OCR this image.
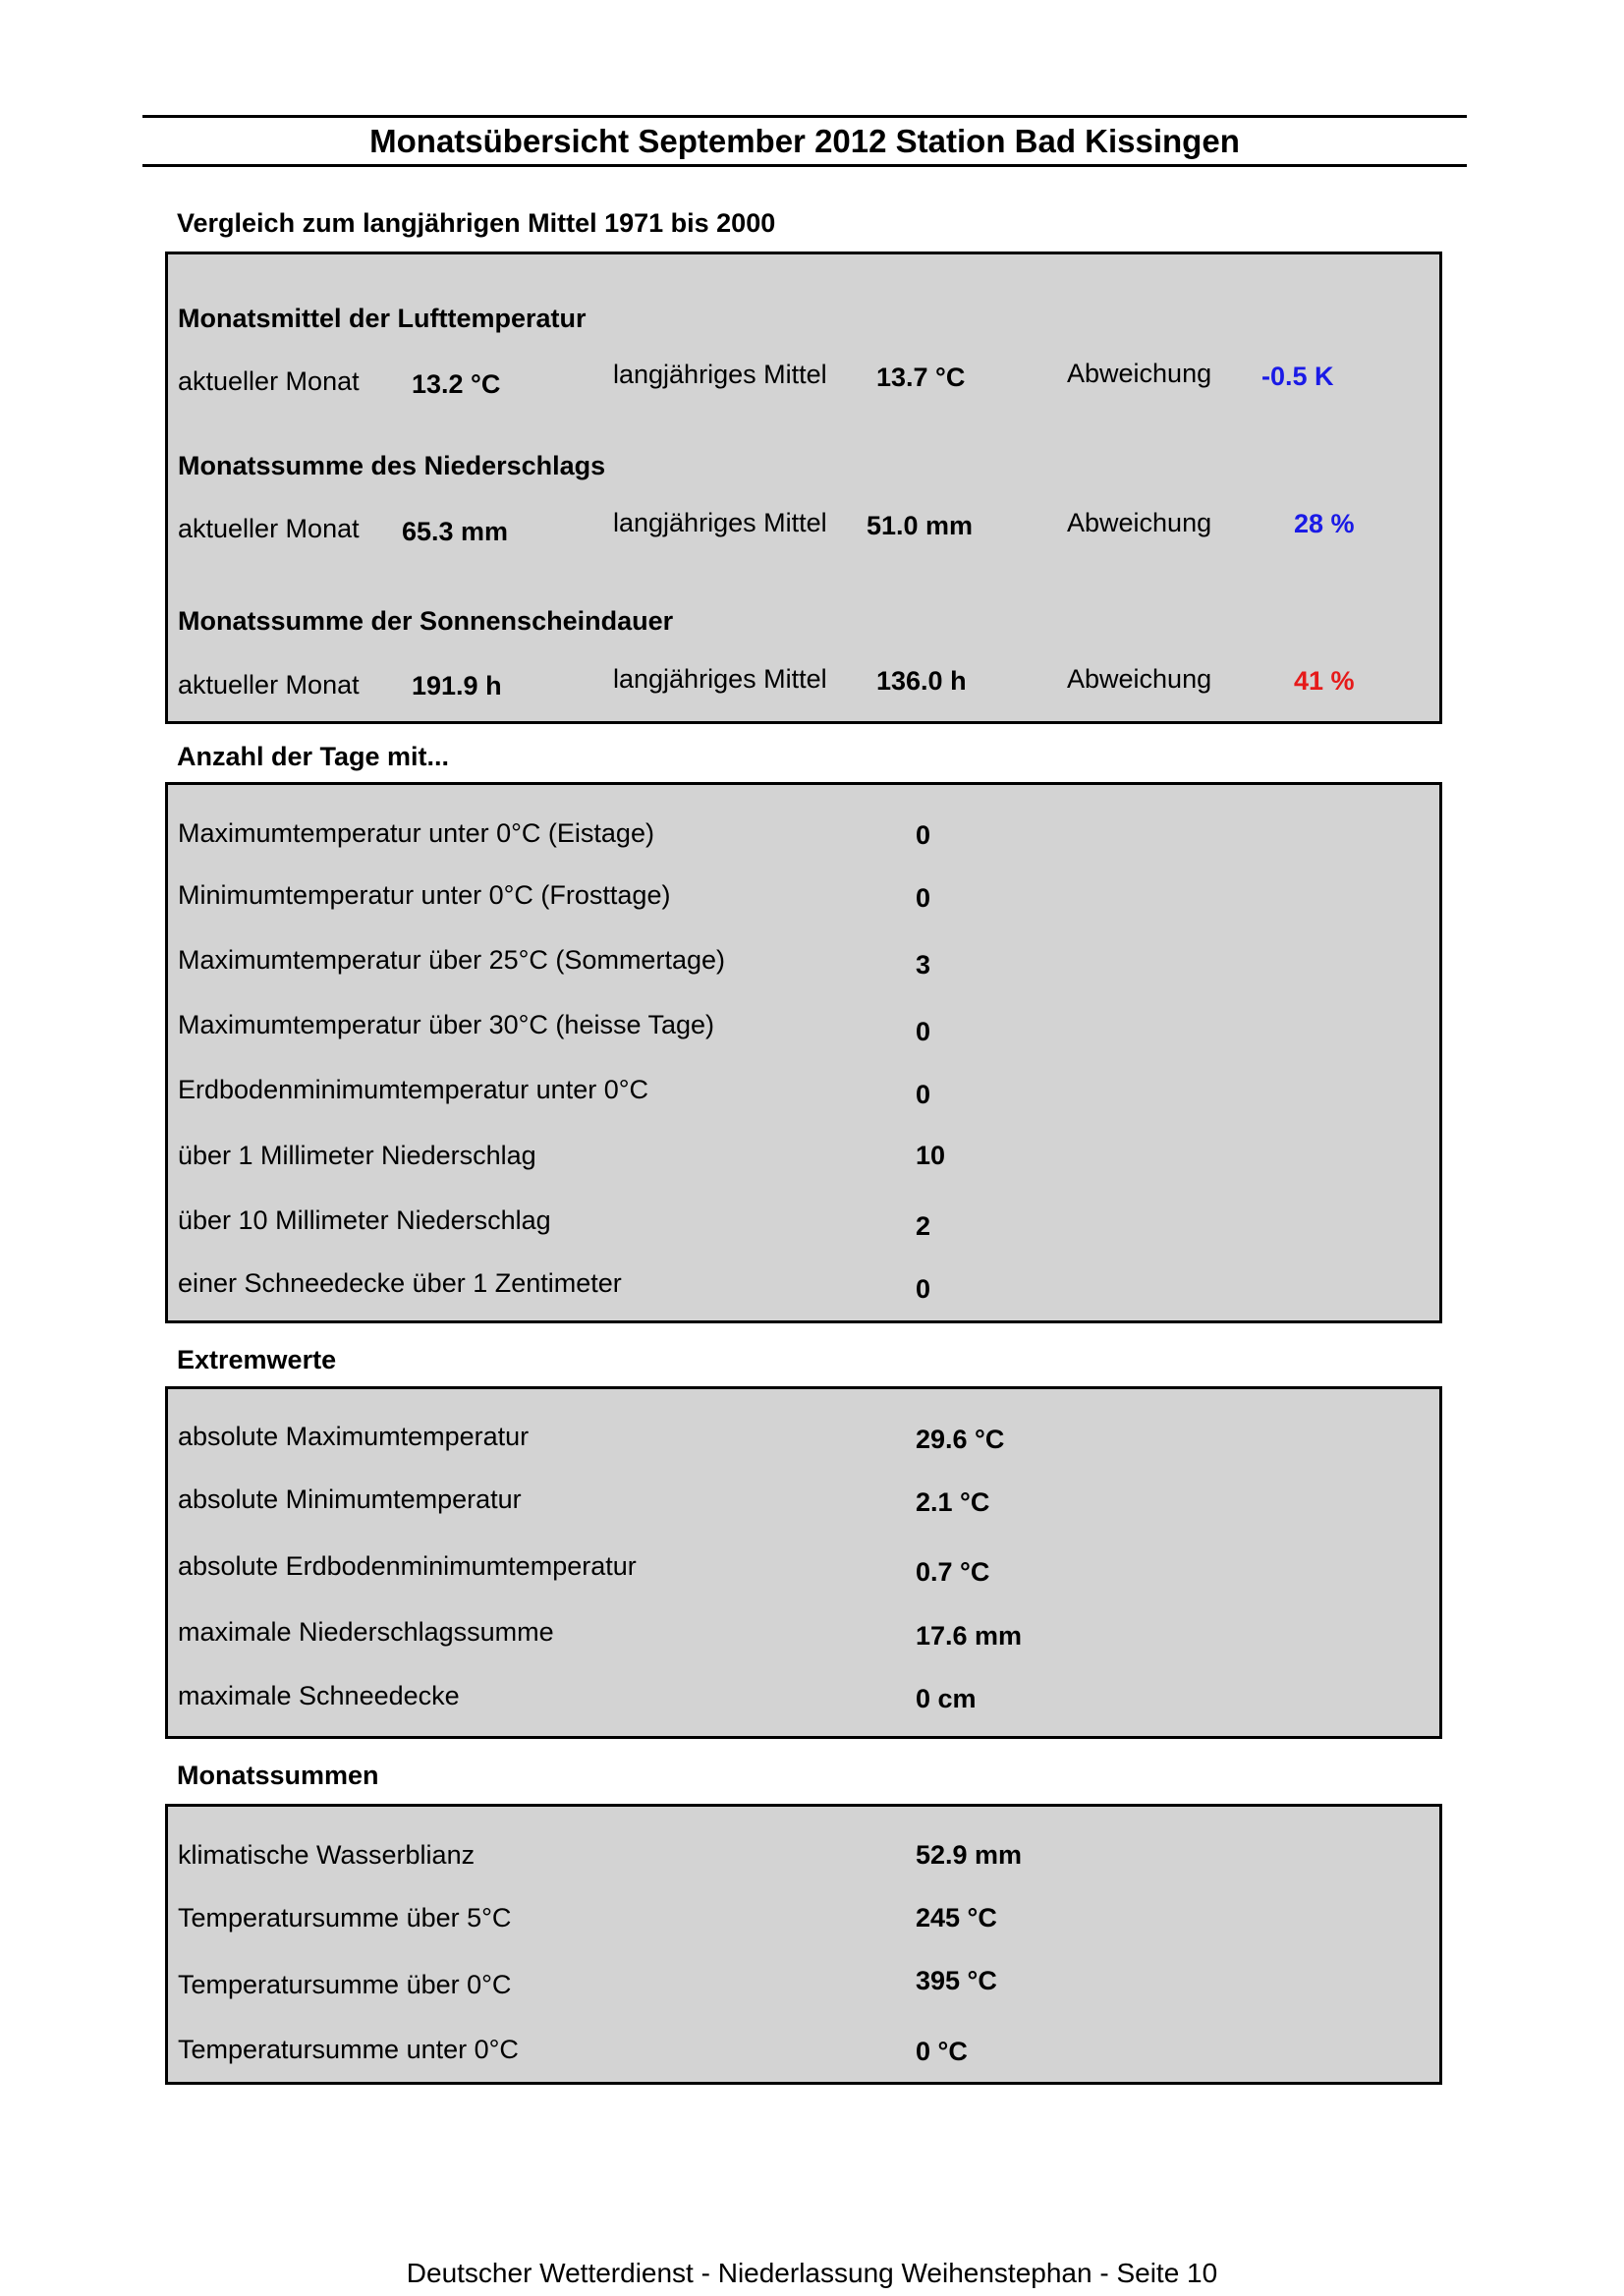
Monatsübersicht September 2012 Station Bad Kissingen
Vergleich zum langjährigen Mittel 1971 bis 2000
Monatsmittel der Lufttemperatur
aktueller Monat 13.2 °C	langjähriges Mittel 13.7 °C	Abweichung -0.5 K
Monatssumme des Niederschlags
aktueller Monat 65.3 mm	langjähriges Mittel 51.0 mm	Abweichung	28 %
Monatssumme der Sonnenscheindauer
aktueller Monat 191.9 h	langjähriges Mittel 136.0 h	Abweichung	41 %
Anzahl der Tage mit...
Maximumtemperatur unter 0°C (Eistage)	0
Minimumtemperatur unter 0°C (Frosttage)	0
Maximumtemperatur über 25°C (Sommertage)	3
Maximumtemperatur über 30°C (heisse Tage)	0
Erdbodenminimumtemperatur unter 0°C	0
über 1 Millimeter Niederschlag	10
über 10 Millimeter Niederschlag	2
einer Schneedecke über 1 Zentimeter	0
Extremwerte
absolute Maximumtemperatur	29.6 °C
absolute Minimumtemperatur	2.1 °C
absolute Erdbodenminimumtemperatur	0.7 °C
maximale Niederschlagssumme	17.6 mm
maximale Schneedecke	0 cm
Monatssummen
klimatische Wasserblianz	52.9 mm
Temperatursumme über 5°C	245 °C
Temperatursumme über 0°C	395 °C
Temperatursumme unter 0°C	0 °C
Deutscher Wetterdienst - Niederlassung Weihenstephan - Seite 10
